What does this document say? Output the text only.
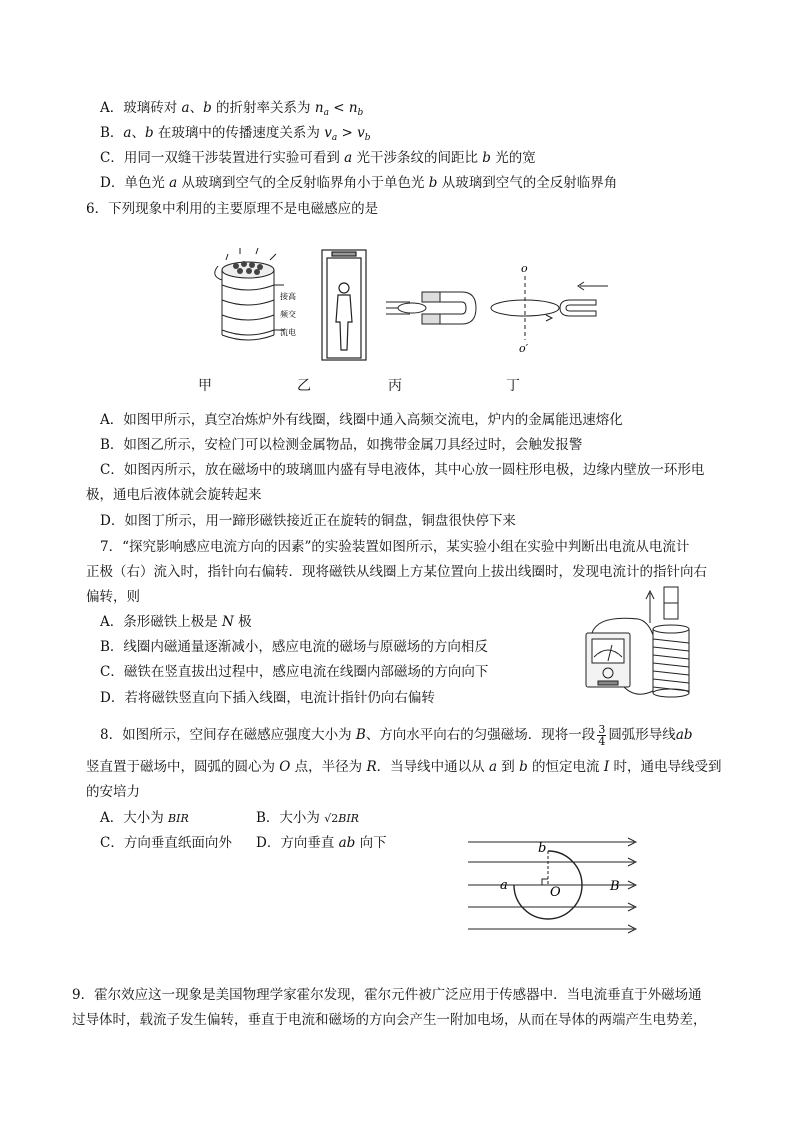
A．玻璃砖对 a、b 的折射率关系为 $n_a < n_b$
B．a、b 在玻璃中的传播速度关系为 $v_a > v_b$
C．用同一双缝干涉装置进行实验可看到 a 光干涉条纹的间距比 b 光的宽
D．单色光 a 从玻璃到空气的全反射临界角小于单色光 b 从玻璃到空气的全反射临界角
6．下列现象中利用的主要原理不是电磁感应的是
接高
频交
流电
o
o′
甲	乙	丙	丁
A．如图甲所示，真空冶炼炉外有线圈，线圈中通入高频交流电，炉内的金属能迅速熔化
B．如图乙所示，安检门可以检测金属物品，如携带金属刀具经过时，会触发报警
C．如图丙所示，放在磁场中的玻璃皿内盛有导电液体，其中心放一圆柱形电极，边缘内壁放一环形电
极，通电后液体就会旋转起来
D．如图丁所示，用一蹄形磁铁接近正在旋转的铜盘，铜盘很快停下来
7．“探究影响感应电流方向的因素”的实验装置如图所示，某实验小组在实验中判断出电流从电流计
正极（右）流入时，指针向右偏转．现将磁铁从线圈上方某位置向上拔出线圈时，发现电流计的指针向右
偏转，则
A．条形磁铁上极是 N 极
B．线圈内磁通量逐渐减小，感应电流的磁场与原磁场的方向相反
C．磁铁在竖直拔出过程中，感应电流在线圈内部磁场的方向向下
D．若将磁铁竖直向下插入线圈，电流计指针仍向右偏转
8．如图所示，空间存在磁感应强度大小为 B、方向水平向右的匀强磁场．现将一段 $\frac{3}{4}$ 圆弧形导线ab
竖直置于磁场中，圆弧的圆心为 O 点，半径为 R．当导线中通以从 a 到 b 的恒定电流 I 时，通电导线受到
的安培力
A．大小为 BIR	B．大小为 √2BIR
C．方向垂直纸面向外 D．方向垂直 ab 向下
a
b
O	B
9．霍尔效应这一现象是美国物理学家霍尔发现，霍尔元件被广泛应用于传感器中．当电流垂直于外磁场通
过导体时，载流子发生偏转，垂直于电流和磁场的方向会产生一附加电场，从而在导体的两端产生电势差，
